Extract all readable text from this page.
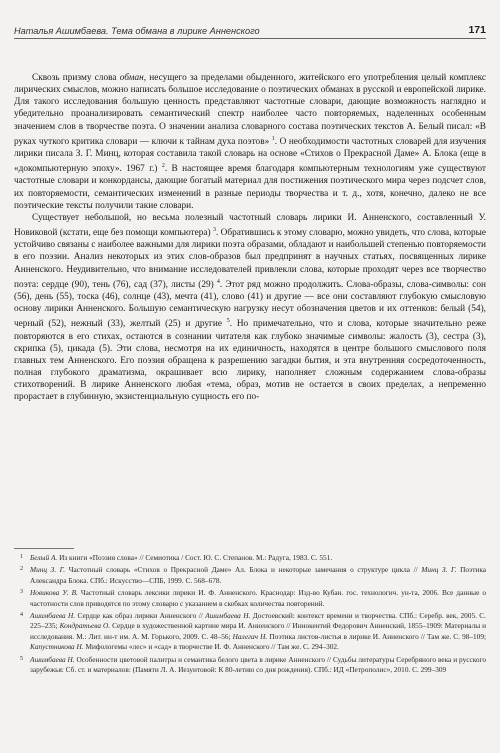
Наталья Ашимбаева. Тема обмана в лирике Анненского	171

Сквозь призму слова обман, несущего за пределами обыденного, житейского его употребления целый комплекс лирических смыслов, можно написать большое исследование о поэтических обманах в русской и европейской лирике. Для такого исследования большую ценность представляют частотные словари, дающие возможность наглядно и убедительно проанализировать семантический спектр наиболее часто повторяемых, наделенных особенным значением слов в творчестве поэта. О значении анализа словарного состава поэтических текстов А. Белый писал: «В руках чуткого критика словари — ключи к тайнам духа поэтов» $^1$. О необходимости частотных словарей для изучения лирики писала З. Г. Минц, которая составила такой словарь на основе «Стихов о Прекрасной Даме» А. Блока (еще в «докомпьютерную эпоху». 1967 г.) $^2$. В настоящее время благодаря компьютерным технологиям уже существуют частотные словари и конкордансы, дающие богатый материал для постижения поэтического мира через подсчет слов, их повторяемости, семантических изменений в разные периоды творчества и т. д., хотя, конечно, далеко не все поэтические тексты получили такие словари.

Существует небольшой, но весьма полезный частотный словарь лирики И. Анненского, составленный У. Новиковой (кстати, еще без помощи компьютера) $^3$. Обратившись к этому словарю, можно увидеть, что слова, которые устойчиво связаны с наиболее важными для лирики поэта образами, обладают и наибольшей степенью повторяемости в его поэзии. Анализ некоторых из этих слов-образов был предпринят в научных статьях, посвященных лирике Анненского. Неудивительно, что внимание исследователей привлекли слова, которые проходят через все творчество поэта: сердце (90), тень (76), сад (37), листы (29) $^4$. Этот ряд можно продолжить. Слова-образы, слова-символы: сон (56), день (55), тоска (46), солнце (43), мечта (41), слово (41) и другие — все они составляют глубокую смысловую основу лирики Анненского. Большую семантическую нагрузку несут обозначения цветов и их оттенков: белый (54), черный (52), нежный (33), желтый (25) и другие $^5$. Но примечательно, что и слова, которые значительно реже повторяются в его стихах, остаются в сознании читателя как глубоко значимые символы: жалость (3), сестра (3), скрипка (5), цикада (5). Эти слова, несмотря на их единичность, находятся в центре большого смыслового поля главных тем Анненского. Его поэзия обращена к разрешению загадки бытия, и эта внутренняя сосредоточенность, полная глубокого драматизма, окрашивает всю лирику, наполняет сложным содержанием слова-образы стихотворений. В лирике Анненского любая «тема, образ, мотив не остается в своих пределах, а непременно прорастает в глубинную, экзистенциальную сущность его по-

1 Белый А. Из книги «Поэзия слова» // Семиотика / Сост. Ю. С. Степанов. М.: Радуга, 1983. С. 551.

2 Минц З. Г. Частотный словарь «Стихов о Прекрасной Даме» Ал. Блока и некоторые замечания о структуре цикла // Минц З. Г. Поэтика Александра Блока. СПб.: Искусство—СПБ, 1999. С. 568–678.

3 Новикова У. В. Частотный словарь лексики лирики И. Ф. Анненского. Краснодар: Изд-во Кубан. гос. технологич. ун-та, 2006. Все данные о частотности слов приводятся по этому словарю с указанием в скобках количества повторений.

4 Ашимбаева Н. Сердце как образ лирики Анненского // Ашимбаева Н. Достоевский: контекст времени и творчества. СПб.: Серебр. век, 2005. С. 225–235; Кондратьева О. Сердце в художественной картине мира И. Анненского // Иннокентий Федорович Анненский, 1855–1909: Материалы и исследования. М.: Лит. ин-т им. А. М. Горького, 2009. С. 48–56; Налегач Н. Поэтика листов-листья в лирике И. Анненского // Там же. С. 98–109; Капустникова Н. Мифологемы «лес» и «сад» в творчестве И. Ф. Анненского // Там же. С. 294–302.

5 Ашимбаева Н. Особенности цветовой палитры и семантика белого цвета в лирике Анненского // Судьбы литературы Серебряного века и русского зарубежья: Сб. ст. и материалов: (Памяти Л. А. Иезуитовой: К 80-летию со дня рождения). СПб.: ИД «Петрополис», 2010. С. 299–309
